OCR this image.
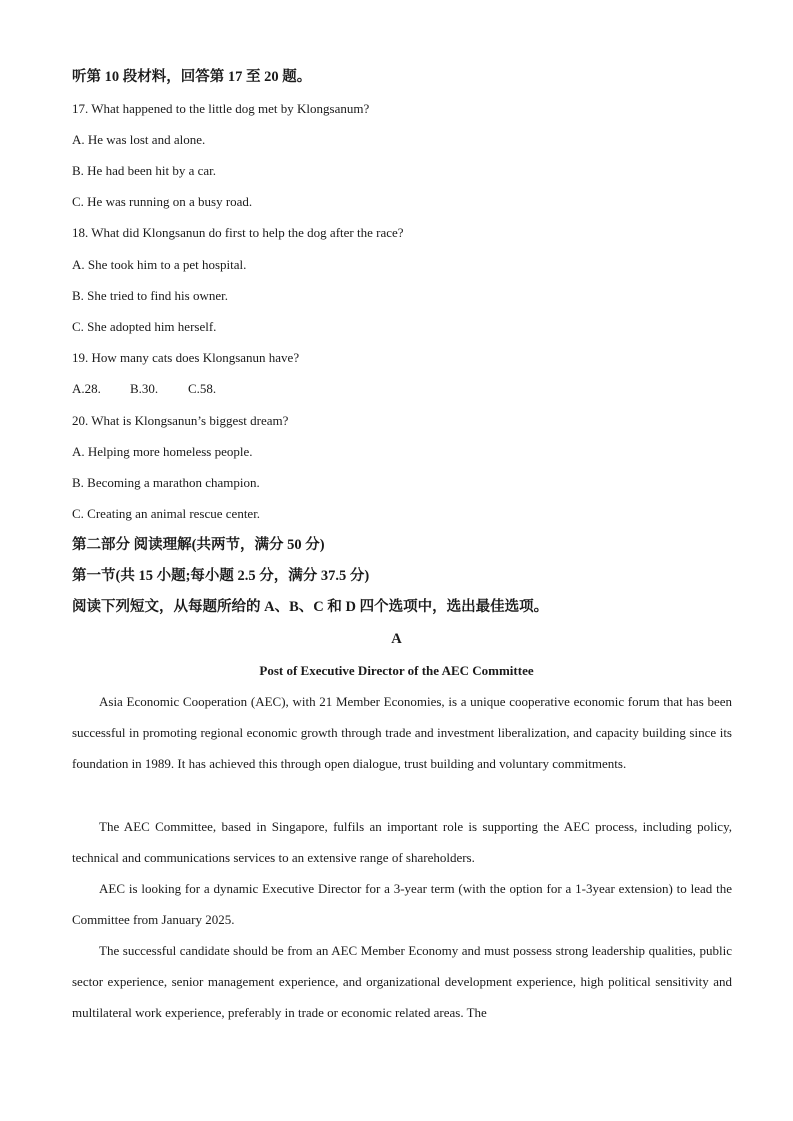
听第 10 段材料，回答第 17 至 20 题。
17. What happened to the little dog met by Klongsanum?
A. He was lost and alone.
B. He had been hit by a car.
C. He was running on a busy road.
18. What did Klongsanun do first to help the dog after the race?
A. She took him to a pet hospital.
B. She tried to find his owner.
C. She adopted him herself.
19. How many cats does Klongsanun have?
A.28. B.30. C.58.
20. What is Klongsanun’s biggest dream?
A. Helping more homeless people.
B. Becoming a marathon champion.
C. Creating an animal rescue center.
第二部分 阅读理解(共两节，满分 50 分)
第一节(共 15 小题;每小题 2.5 分，满分 37.5 分)
阅读下列短文，从每题所给的 A、B、C 和 D 四个选项中，选出最佳选项。
A
Post of Executive Director of the AEC Committee
Asia Economic Cooperation (AEC), with 21 Member Economies, is a unique cooperative economic forum that has been successful in promoting regional economic growth through trade and investment liberalization, and capacity building since its foundation in 1989. It has achieved this through open dialogue, trust building and voluntary commitments.
The AEC Committee, based in Singapore, fulfils an important role is supporting the AEC process, including policy, technical and communications services to an extensive range of shareholders.
AEC is looking for a dynamic Executive Director for a 3-year term (with the option for a 1-3year extension) to lead the Committee from January 2025.
The successful candidate should be from an AEC Member Economy and must possess strong leadership qualities, public sector experience, senior management experience, and organizational development experience, high political sensitivity and multilateral work experience, preferably in trade or economic related areas. The
